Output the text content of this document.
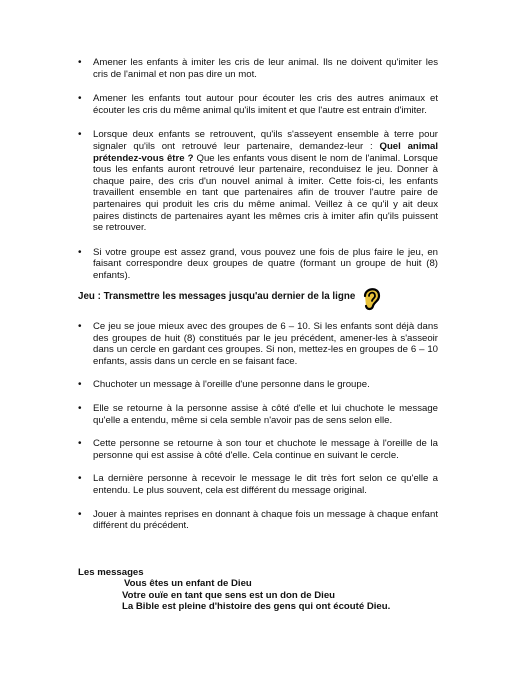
• Amener les enfants à imiter les cris de leur animal. Ils ne doivent qu'imiter les cris de l'animal et non pas dire un mot.
• Amener les enfants tout autour pour écouter les cris des autres animaux et écouter les cris du même animal qu'ils imitent et que l'autre est entrain d'imiter.
• Lorsque deux enfants se retrouvent, qu'ils s'asseyent ensemble à terre pour signaler qu'ils ont retrouvé leur partenaire, demandez-leur : Quel animal prétendez-vous être ? Que les enfants vous disent le nom de l'animal. Lorsque tous les enfants auront retrouvé leur partenaire, reconduisez le jeu. Donner à chaque paire, des cris d'un nouvel animal à imiter. Cette fois-ci, les enfants travaillent ensemble en tant que partenaires afin de trouver l'autre paire de partenaires qui produit les cris du même animal. Veillez à ce qu'il y ait deux paires distincts de partenaires ayant les mêmes cris à imiter afin qu'ils puissent se retrouver.
• Si votre groupe est assez grand, vous pouvez une fois de plus faire le jeu, en faisant correspondre deux groupes de quatre (formant un groupe de huit (8) enfants).
Jeu : Transmettre les messages jusqu'au dernier de la ligne
• Ce jeu se joue mieux avec des groupes de 6 – 10. Si les enfants sont déjà dans des groupes de huit (8) constitués par le jeu précédent, amener-les à s'asseoir dans un cercle en gardant ces groupes. Si non, mettez-les en groupes de 6 – 10 enfants, assis dans un cercle en se faisant face.
• Chuchoter un message à l'oreille d'une personne dans le groupe.
• Elle se retourne à la personne assise à côté d'elle et lui chuchote le message qu'elle a entendu, même si cela semble n'avoir pas de sens selon elle.
• Cette personne se retourne à son tour et chuchote le message à l'oreille de la personne qui est assise à côté d'elle. Cela continue en suivant le cercle.
• La dernière personne à recevoir le message le dit très fort selon ce qu'elle a entendu. Le plus souvent, cela est différent du message original.
• Jouer à maintes reprises en donnant à chaque fois un message à chaque enfant différent du précédent.
Les messages
Vous êtes un enfant de Dieu
Votre ouïe en tant que sens est un don de Dieu
La Bible est pleine d'histoire des gens qui ont écouté Dieu.
